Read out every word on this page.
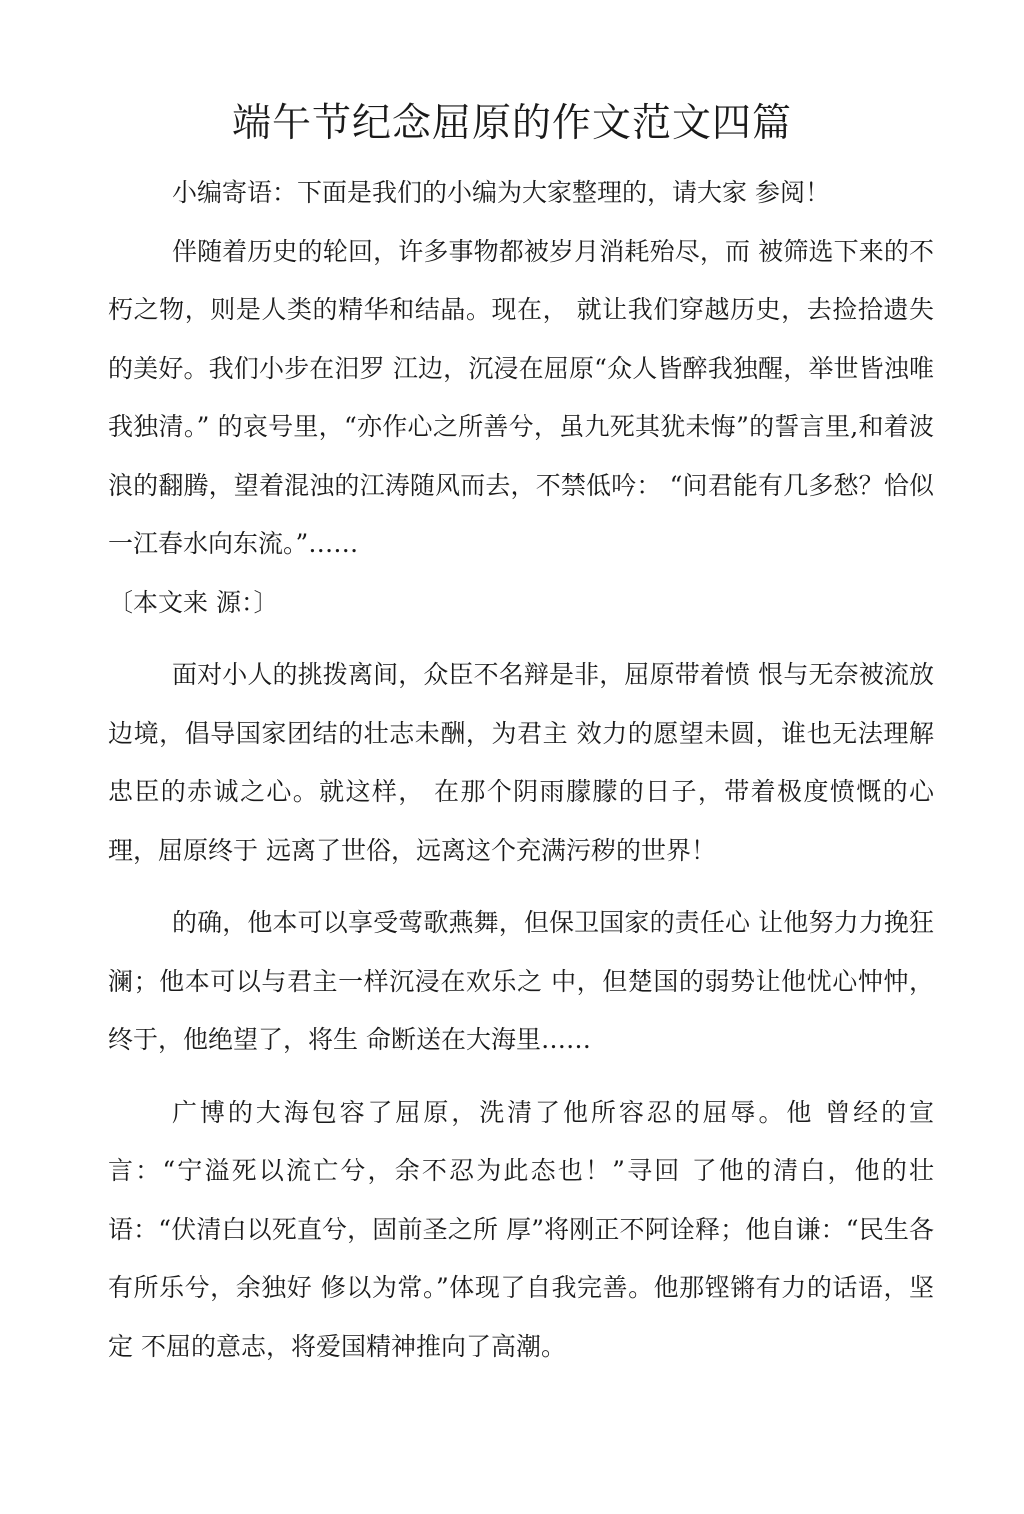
端午节纪念屈原的作文范文四篇

小编寄语：下面是我们的小编为大家整理的，请大家 参阅！

伴随着历史的轮回，许多事物都被岁月消耗殆尽，而 被筛选下来的不朽之物，则是人类的精华和结晶。现在， 就让我们穿越历史，去捡拾遗失的美好。我们小步在汨罗 江边，沉浸在屈原“众人皆醉我独醒，举世皆浊唯我独清。” 的哀号里，“亦作心之所善兮，虽九死其犹未悔”的誓言里,和着波浪的翻腾，望着混浊的江涛随风而去，不禁低吟： “问君能有几多愁？恰似一江春水向东流。”……

〔本文来 源：〕

面对小人的挑拨离间，众臣不名辩是非，屈原带着愤 恨与无奈被流放边境，倡导国家团结的壮志未酬，为君主 效力的愿望未圆，谁也无法理解忠臣的赤诚之心。就这样， 在那个阴雨朦朦的日子，带着极度愤慨的心理，屈原终于 远离了世俗，远离这个充满污秽的世界！

的确，他本可以享受莺歌燕舞，但保卫国家的责任心 让他努力力挽狂澜；他本可以与君主一样沉浸在欢乐之 中，但楚国的弱势让他忧心忡忡，终于，他绝望了，将生 命断送在大海里……

广博的大海包容了屈原，洗清了他所容忍的屈辱。他 曾经的宣言：“宁溢死以流亡兮，余不忍为此态也！”寻回 了他的清白，他的壮语：“伏清白以死直兮，固前圣之所 厚”将刚正不阿诠释；他自谦：“民生各有所乐兮，余独好 修以为常。”体现了自我完善。他那铿锵有力的话语，坚定 不屈的意志，将爱国精神推向了高潮。
